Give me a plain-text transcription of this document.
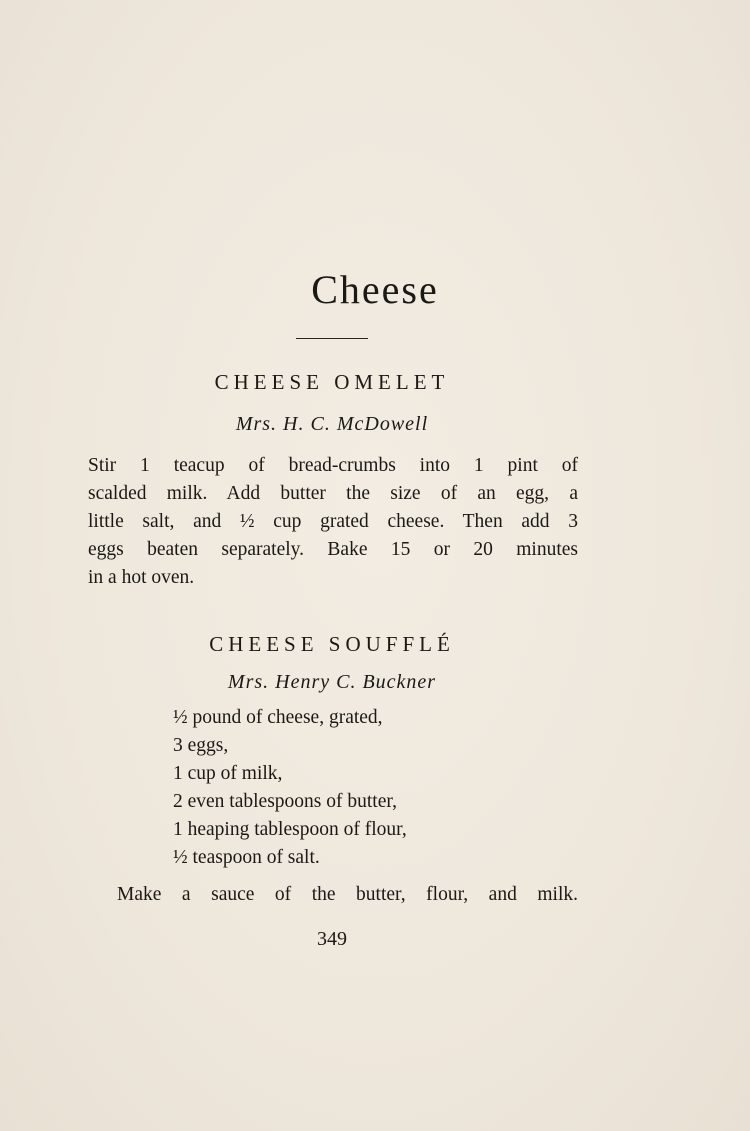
Cheese
CHEESE OMELET

Mrs. H. C. McDowell

Stir 1 teacup of bread-crumbs into 1 pint of
scalded milk. Add butter the size of an egg, a
little salt, and ½ cup grated cheese. Then add 3
eggs beaten separately. Bake 15 or 20 minutes
in a hot oven.
CHEESE SOUFFLÉ

Mrs. Henry C. Buckner

½ pound of cheese, grated,
3 eggs,
1 cup of milk,
2 even tablespoons of butter,
1 heaping tablespoon of flour,
½ teaspoon of salt.
Make a sauce of the butter, flour, and milk.

349
